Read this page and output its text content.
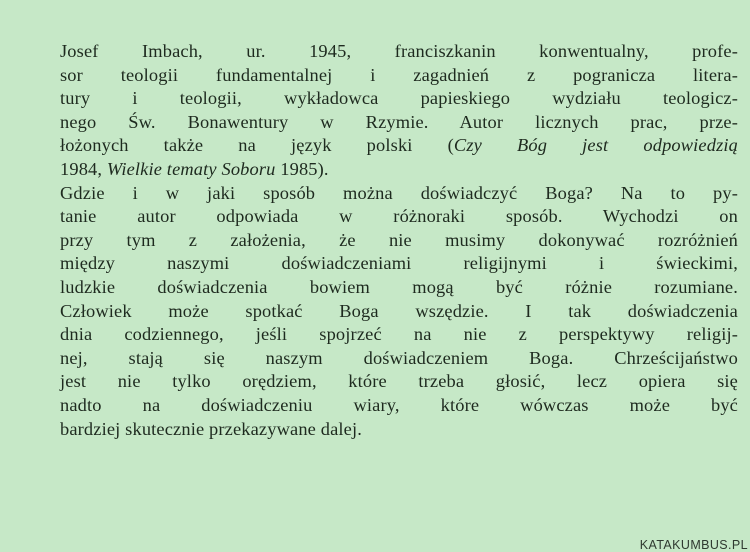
Josef Imbach, ur. 1945, franciszkanin konwentualny, profe-
sor teologii fundamentalnej i zagadnień z pogranicza litera-
tury i teologii, wykładowca papieskiego wydziału teologicz-
nego Św. Bonawentury w Rzymie. Autor licznych prac, prze-
łożonych także na język polski (Czy Bóg jest odpowiedzią
1984, Wielkie tematy Soboru 1985).
Gdzie i w jaki sposób można doświadczyć Boga? Na to py-
tanie autor odpowiada w różnoraki sposób. Wychodzi on
przy tym z założenia, że nie musimy dokonywać rozróżnień
między naszymi doświadczeniami religijnymi i świeckimi,
ludzkie doświadczenia bowiem mogą być różnie rozumiane.
Człowiek może spotkać Boga wszędzie. I tak doświadczenia
dnia codziennego, jeśli spojrzeć na nie z perspektywy religij-
nej, stają się naszym doświadczeniem Boga. Chrześcijaństwo
jest nie tylko orędziem, które trzeba głosić, lecz opiera się
nadto na doświadczeniu wiary, które wówczas może być
bardziej skutecznie przekazywane dalej.
KATAKUMBUS.PL
